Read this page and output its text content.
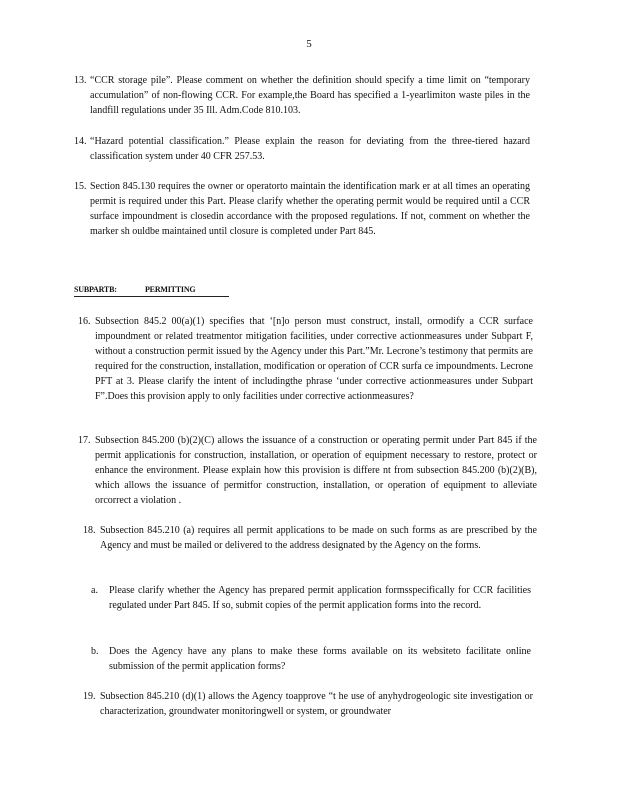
5
13. “CCR storage pile”. Please comment on whether the definition should specify a time limit on “temporary accumulation” of non-flowing CCR. For example,the Board has specified a 1-yearlimiton waste piles in the landfill regulations under 35 Ill. Adm.Code 810.103.
14. “Hazard potential classification.” Please explain the reason for deviating from the three-tiered hazard classification system under 40 CFR 257.53.
15. Section 845.130 requires the owner or operatorto maintain the identification mark er at all times an operating permit is required under this Part. Please clarify whether the operating permit would be required until a CCR surface impoundment is closedin accordance with the proposed regulations. If not, comment on whether the marker sh ouldbe maintained until closure is completed under Part 845.
SUBPARTB:	PERMITTING
16. Subsection 845.2 00(a)(1) specifies that ‘[n]o person must construct, install, ormodify a CCR surface impoundment or related treatmentor mitigation facilities, under corrective actionmeasures under Subpart F, without a construction permit issued by the Agency under this Part.”Mr. Lecrone’s testimony that permits are required for the construction, installation, modification or operation of CCR surfa ce impoundments. Lecrone PFT at 3. Please clarify the intent of includingthe phrase ‘under corrective actionmeasures under Subpart F”.Does this provision apply to only facilities under corrective actionmeasures?
17. Subsection 845.200 (b)(2)(C) allows the issuance of a construction or operating permit under Part 845 if the permit applicationis for construction, installation, or operation of equipment necessary to restore, protect or enhance the environment. Please explain how this provision is differe nt from subsection 845.200 (b)(2)(B), which allows the issuance of permitfor construction, installation, or operation of equipment to alleviate orcorrect a violation .
18. Subsection 845.210 (a) requires all permit applications to be made on such forms as are prescribed by the Agency and must be mailed or delivered to the address designated by the Agency on the forms.
a. Please clarify whether the Agency has prepared permit application formsspecifically for CCR facilities regulated under Part 845. If so, submit copies of the permit application forms into the record.
b. Does the Agency have any plans to make these forms available on its websiteto facilitate online submission of the permit application forms?
19. Subsection 845.210 (d)(1) allows the Agency toapprove “t he use of anyhydrogeologic site investigation or characterization, groundwater monitoringwell or system, or groundwater
